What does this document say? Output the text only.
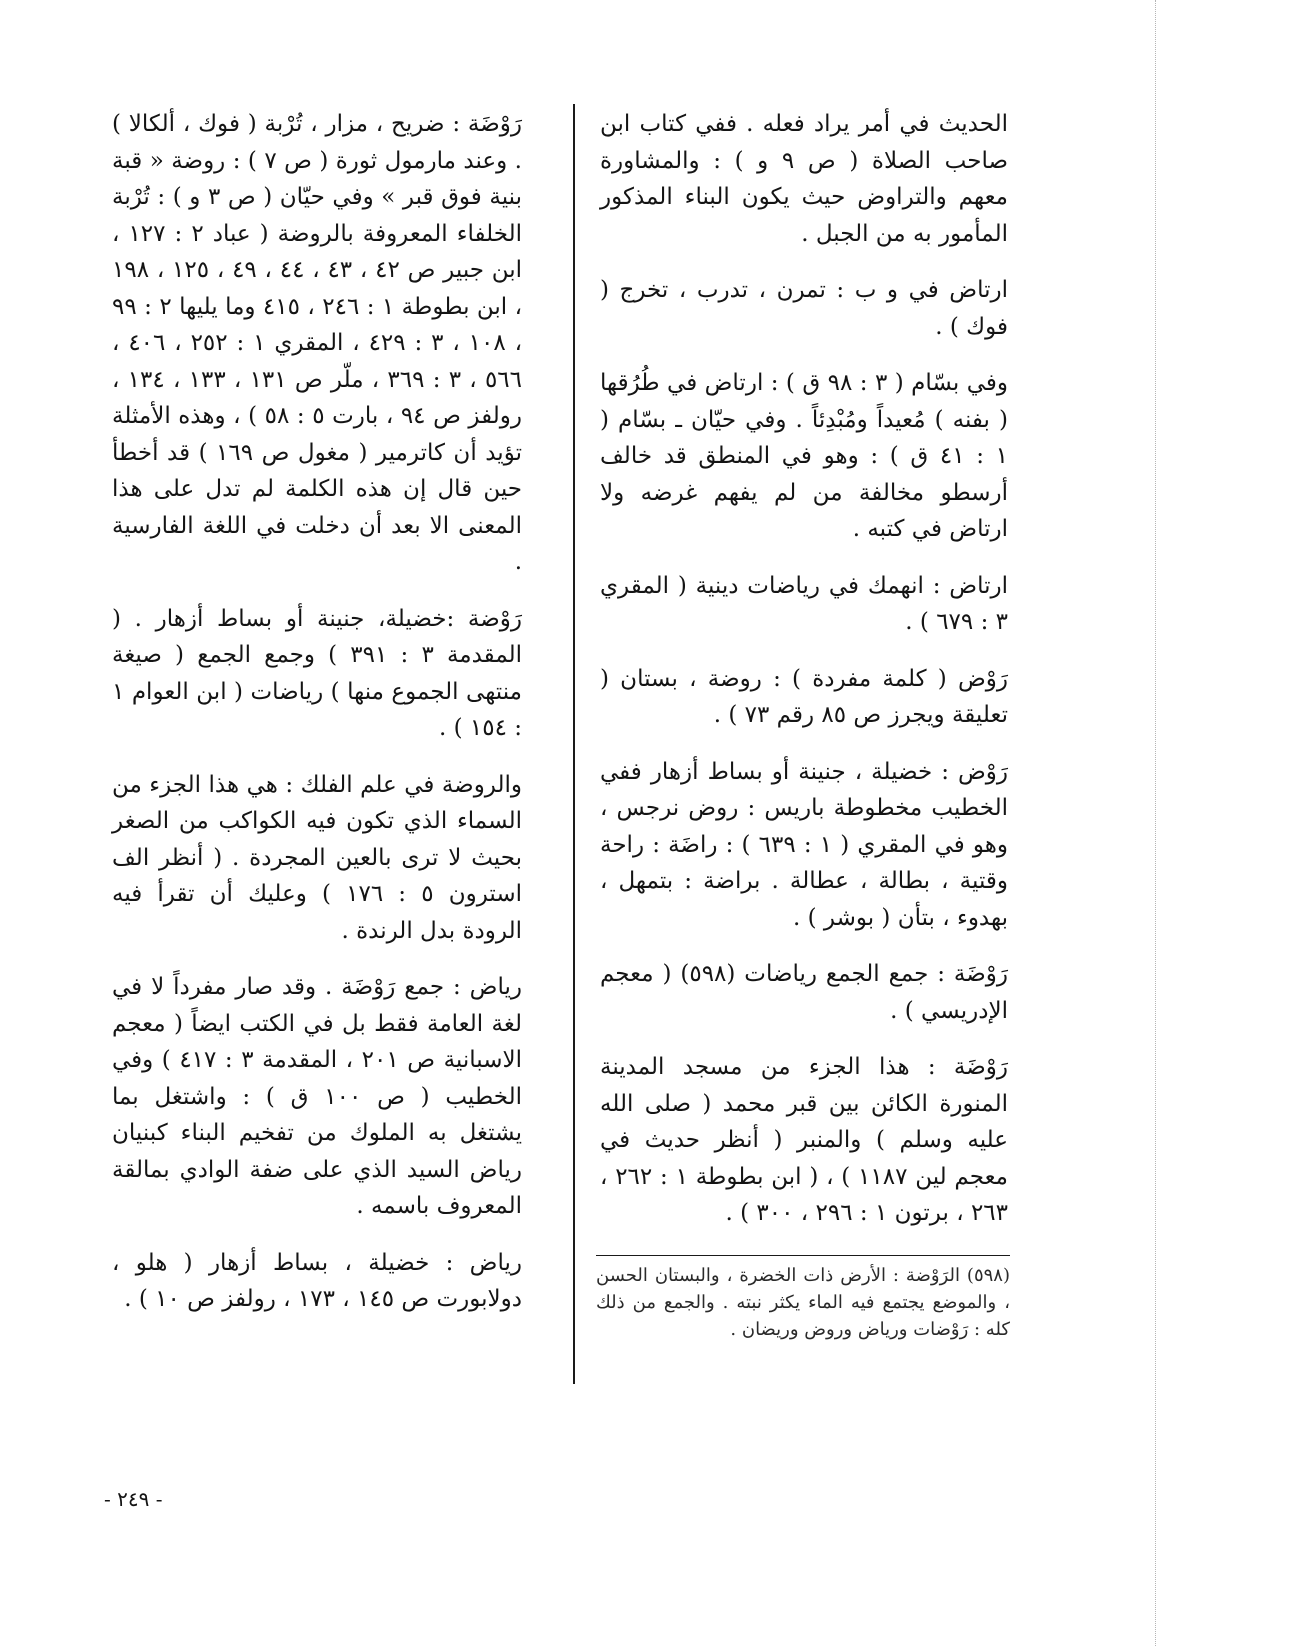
الحديث في أمر يراد فعله . ففي كتاب ابن صاحب الصلاة ( ص ٩ و ) : والمشاورة معهم والتراوض حيث يكون البناء المذكور المأمور به من الجبل .

ارتاض في و ب : تمرن ، تدرب ، تخرج ( فوك ) .

وفي بسّام ( ٣ : ٩٨ ق ) : ارتاض في طُرُقها ( بفنه ) مُعيداً ومُبْدِئاً . وفي حيّان ـ بسّام ( ١ : ٤١ ق ) : وهو في المنطق قد خالف أرسطو مخالفة من لم يفهم غرضه ولا ارتاض في كتبه .

ارتاض : انهمك في رياضات دينية ( المقري ٣ : ٦٧٩ ) .

رَوْض ( كلمة مفردة ) : روضة ، بستان ( تعليقة ويجرز ص ٨٥ رقم ٧٣ ) .

رَوْض : خضيلة ، جنينة أو بساط أزهار ففي الخطيب مخطوطة باريس : روض نرجس ، وهو في المقري ( ١ : ٦٣٩ ) : راضَة : راحة وقتية ، بطالة ، عطالة . براضة : بتمهل ، بهدوء ، بتأن ( بوشر ) .

رَوْضَة : جمع الجمع رياضات (٥٩٨) ( معجم الإدريسي ) .

رَوْضَة : هذا الجزء من مسجد المدينة المنورة الكائن بين قبر محمد ( صلى الله عليه وسلم ) والمنبر ( أنظر حديث في معجم لين ١١٨٧ ) ، ( ابن بطوطة ١ : ٢٦٢ ، ٢٦٣ ، برتون ١ : ٢٩٦ ، ٣٠٠ ) .

رَوْضَة : ضريح ، مزار ، تُرْبة ( فوك ، ألكالا ) . وعند مارمول ثورة ( ص ٧ ) : روضة « قبة بنية فوق قبر » وفي حيّان ( ص ٣ و ) : تُرْبة الخلفاء المعروفة بالروضة ( عباد ٢ : ١٢٧ ، ابن جبير ص ٤٢ ، ٤٣ ، ٤٤ ، ٤٩ ، ١٢٥ ، ١٩٨ ، ابن بطوطة ١ : ٢٤٦ ، ٤١٥ وما يليها ٢ : ٩٩ ، ١٠٨ ، ٣ : ٤٢٩ ، المقري ١ : ٢٥٢ ، ٤٠٦ ، ٥٦٦ ، ٣ : ٣٦٩ ، ملّر ص ١٣١ ، ١٣٣ ، ١٣٤ ، رولفز ص ٩٤ ، بارت ٥ : ٥٨ ) ، وهذه الأمثلة تؤيد أن كاترمير ( مغول ص ١٦٩ ) قد أخطأ حين قال إن هذه الكلمة لم تدل على هذا المعنى الا بعد أن دخلت في اللغة الفارسية .

رَوْضة :خضيلة، جنينة أو بساط أزهار . ( المقدمة ٣ : ٣٩١ ) وجمع الجمع ( صيغة منتهى الجموع منها ) رياضات ( ابن العوام ١ : ١٥٤ ) .

والروضة في علم الفلك : هي هذا الجزء من السماء الذي تكون فيه الكواكب من الصغر بحيث لا ترى بالعين المجردة . ( أنظر الف استرون ٥ : ١٧٦ ) وعليك أن تقرأ فيه الرودة بدل الرندة .

رياض : جمع رَوْضَة . وقد صار مفرداً لا في لغة العامة فقط بل في الكتب ايضاً ( معجم الاسبانية ص ٢٠١ ، المقدمة ٣ : ٤١٧ ) وفي الخطيب ( ص ١٠٠ ق ) : واشتغل بما يشتغل به الملوك من تفخيم البناء كبنيان رياض السيد الذي على ضفة الوادي بمالقة المعروف باسمه .

رياض : خضيلة ، بساط أزهار ( هلو ، دولابورت ص ١٤٥ ، ١٧٣ ، رولفز ص ١٠ ) .

(٥٩٨) الرَوْضة : الأرض ذات الخضرة ، والبستان الحسن ، والموضع يجتمع فيه الماء يكثر نبته . والجمع من ذلك كله : رَوْضات ورياض وروض وريضان .
- ٢٤٩ -
